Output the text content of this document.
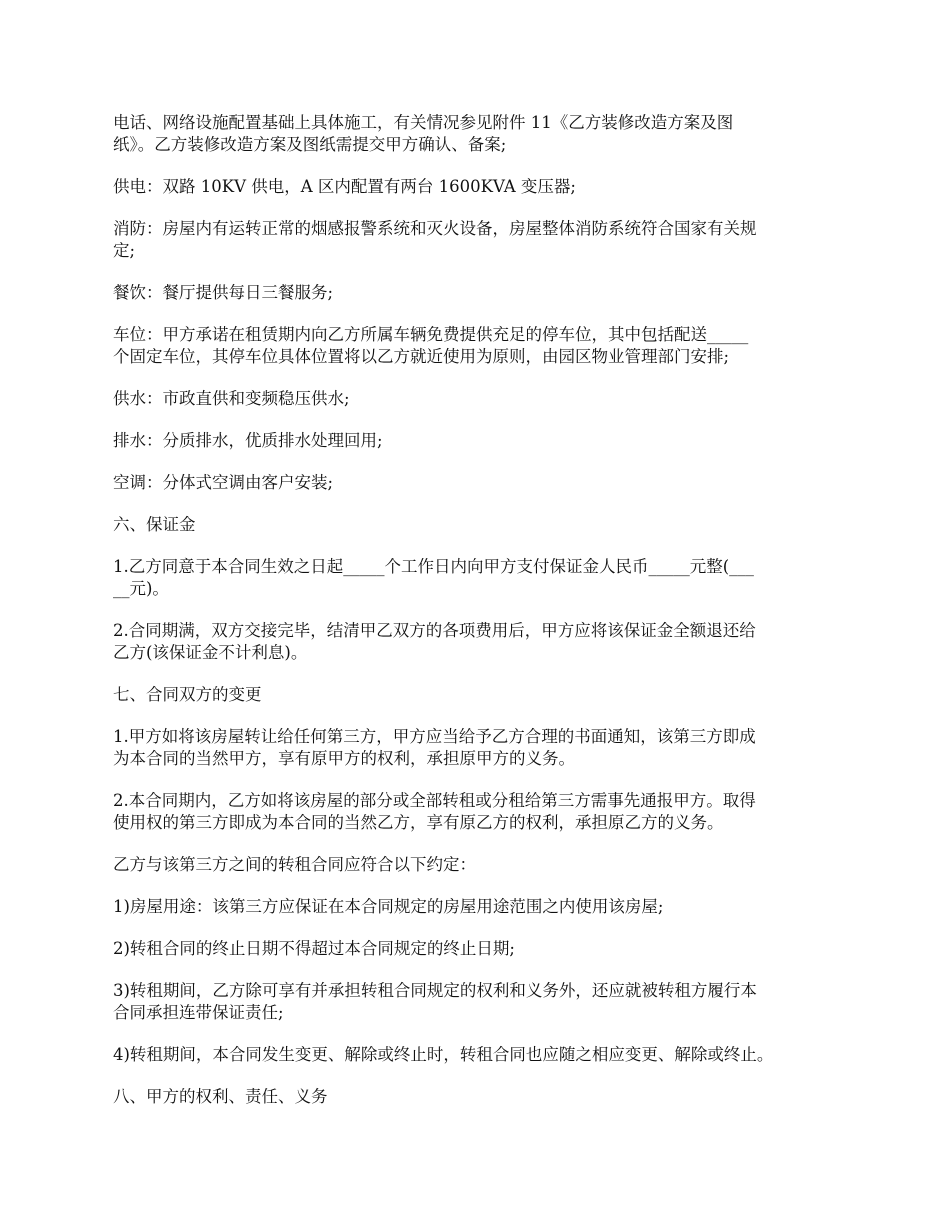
电话、网络设施配置基础上具体施工，有关情况参见附件 11《乙方装修改造方案及图
纸》。乙方装修改造方案及图纸需提交甲方确认、备案;

供电：双路 10KV 供电，A 区内配置有两台 1600KVA 变压器;

消防：房屋内有运转正常的烟感报警系统和灭火设备，房屋整体消防系统符合国家有关规
定;

餐饮：餐厅提供每日三餐服务;

车位：甲方承诺在租赁期内向乙方所属车辆免费提供充足的停车位，其中包括配送_____
个固定车位，其停车位具体位置将以乙方就近使用为原则，由园区物业管理部门安排;

供水：市政直供和变频稳压供水;

排水：分质排水，优质排水处理回用;

空调：分体式空调由客户安装;

六、保证金

1.乙方同意于本合同生效之日起_____个工作日内向甲方支付保证金人民币_____元整(___
__元)。

2.合同期满，双方交接完毕，结清甲乙双方的各项费用后，甲方应将该保证金全额退还给
乙方(该保证金不计利息)。

七、合同双方的变更

1.甲方如将该房屋转让给任何第三方，甲方应当给予乙方合理的书面通知，该第三方即成
为本合同的当然甲方，享有原甲方的权利，承担原甲方的义务。

2.本合同期内，乙方如将该房屋的部分或全部转租或分租给第三方需事先通报甲方。取得
使用权的第三方即成为本合同的当然乙方，享有原乙方的权利，承担原乙方的义务。

乙方与该第三方之间的转租合同应符合以下约定：

1)房屋用途：该第三方应保证在本合同规定的房屋用途范围之内使用该房屋;

2)转租合同的终止日期不得超过本合同规定的终止日期;

3)转租期间，乙方除可享有并承担转租合同规定的权利和义务外，还应就被转租方履行本
合同承担连带保证责任;

4)转租期间，本合同发生变更、解除或终止时，转租合同也应随之相应变更、解除或终止。

八、甲方的权利、责任、义务
